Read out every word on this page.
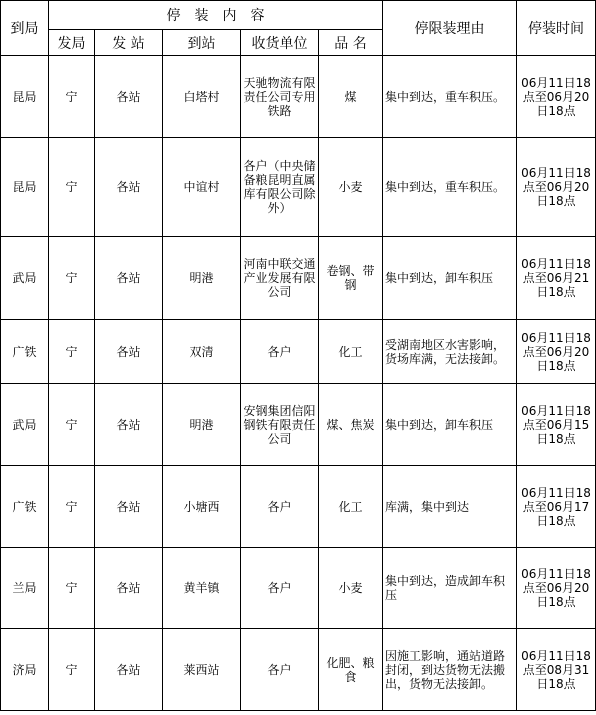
到局	停　装　内　容					停限装理由	停装时间
	发局	发 站	到站	收货单位	品 名		
昆局	宁	各站	白塔村	天驰物流有限责任公司专用铁路	煤	集中到达，重车积压。	06月11日18点至06月20日18点
昆局	宁	各站	中谊村	各户（中央储备粮昆明直属库有限公司除外）	小麦	集中到达，重车积压。	06月11日18点至06月20日18点
武局	宁	各站	明港	河南中联交通产业发展有限公司	卷钢、带钢	集中到达，卸车积压	06月11日18点至06月21日18点
广铁	宁	各站	双清	各户	化工	受湖南地区水害影响，货场库满，无法接卸。	06月11日18点至06月20日18点
武局	宁	各站	明港	安钢集团信阳钢铁有限责任公司	煤、焦炭	集中到达，卸车积压	06月11日18点至06月15日18点
广铁	宁	各站	小塘西	各户	化工	库满，集中到达	06月11日18点至06月17日18点
兰局	宁	各站	黄羊镇	各户	小麦	集中到达，造成卸车积压	06月11日18点至06月20日18点
济局	宁	各站	莱西站	各户	化肥、粮食	因施工影响，通站道路封闭，到达货物无法搬出，货物无法接卸。	06月11日18点至08月31日18点
